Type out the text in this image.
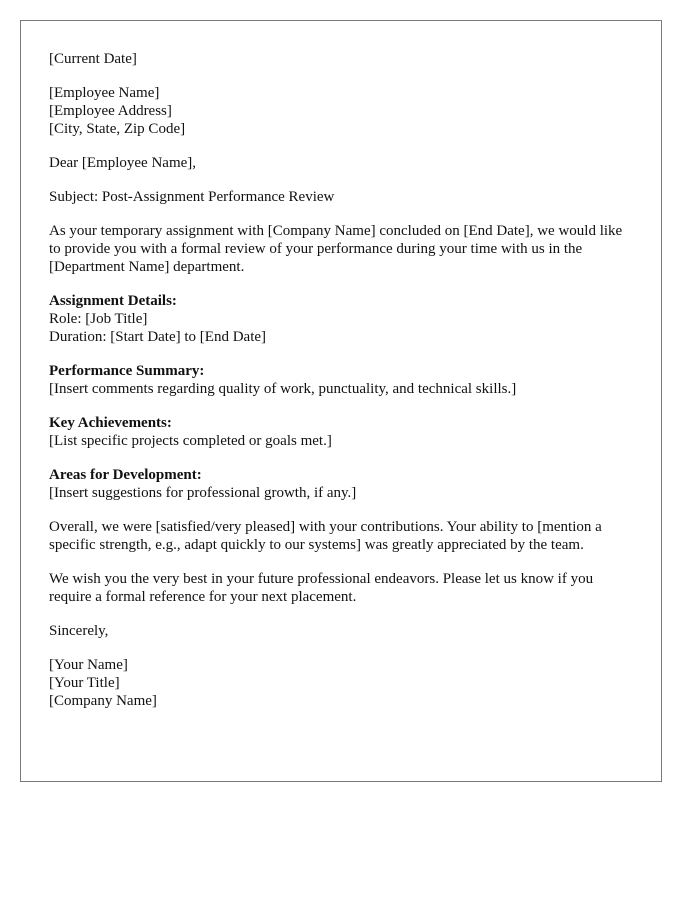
[Current Date]

[Employee Name]
[Employee Address]
[City, State, Zip Code]

Dear [Employee Name],

Subject: Post-Assignment Performance Review

As your temporary assignment with [Company Name] concluded on [End Date], we would like to provide you with a formal review of your performance during your time with us in the [Department Name] department.

Assignment Details:
Role: [Job Title]
Duration: [Start Date] to [End Date]

Performance Summary:
[Insert comments regarding quality of work, punctuality, and technical skills.]

Key Achievements:
[List specific projects completed or goals met.]

Areas for Development:
[Insert suggestions for professional growth, if any.]

Overall, we were [satisfied/very pleased] with your contributions. Your ability to [mention a specific strength, e.g., adapt quickly to our systems] was greatly appreciated by the team.

We wish you the very best in your future professional endeavors. Please let us know if you require a formal reference for your next placement.

Sincerely,

[Your Name]
[Your Title]
[Company Name]
